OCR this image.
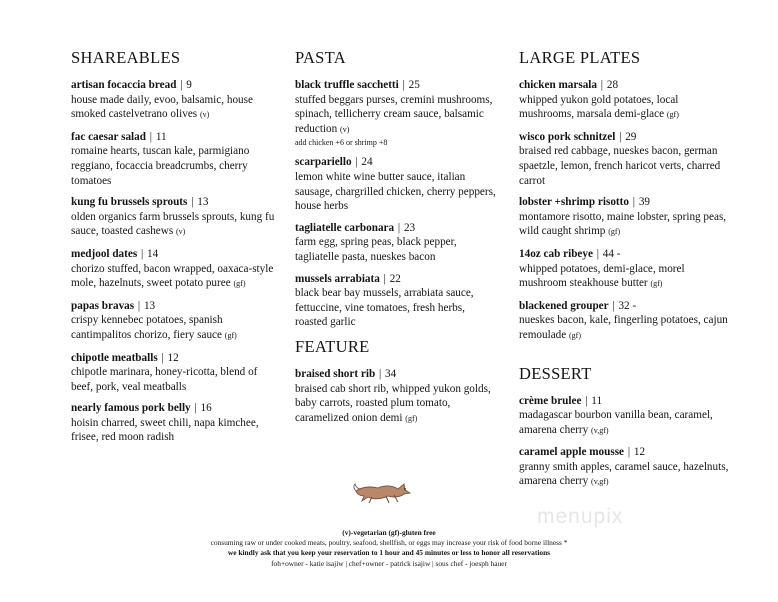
SHAREABLES
artisan focaccia bread | 9
house made daily, evoo, balsamic, house smoked castelvetrano olives (v)
fac caesar salad | 11
romaine hearts, tuscan kale, parmigiano reggiano, focaccia breadcrumbs, cherry tomatoes
kung fu brussels sprouts | 13
olden organics farm brussels sprouts, kung fu sauce, toasted cashews (v)
medjool dates | 14
chorizo stuffed, bacon wrapped, oaxaca-style mole, hazelnuts, sweet potato puree (gf)
papas bravas | 13
crispy kennebec potatoes, spanish cantimpalitos chorizo, fiery sauce (gf)
chipotle meatballs | 12
chipotle marinara, honey-ricotta, blend of beef, pork, veal meatballs
nearly famous pork belly | 16
hoisin charred, sweet chili, napa kimchee, frisee, red moon radish
PASTA
black truffle sacchetti | 25
stuffed beggars purses, cremini mushrooms, spinach, tellicherry cream sauce, balsamic reduction (v)
add chicken +6 or shrimp +8
scarpariello | 24
lemon white wine butter sauce, italian sausage, chargrilled chicken, cherry peppers, house herbs
tagliatelle carbonara | 23
farm egg, spring peas, black pepper, tagliatelle pasta, nueskes bacon
mussels arrabiata | 22
black bear bay mussels, arrabiata sauce, fettuccine, vine tomatoes, fresh herbs, roasted garlic
FEATURE
braised short rib | 34
braised cab short rib, whipped yukon golds, baby carrots, roasted plum tomato, caramelized onion demi (gf)
LARGE PLATES
chicken marsala | 28
whipped yukon gold potatoes, local mushrooms, marsala demi-glace (gf)
wisco pork schnitzel | 29
braised red cabbage, nueskes bacon, german spaetzle, lemon, french haricot verts, charred carrot
lobster +shrimp risotto | 39
montamore risotto, maine lobster, spring peas, wild caught shrimp (gf)
14oz cab ribeye | 44 -
whipped potatoes, demi-glace, morel mushroom steakhouse butter (gf)
blackened grouper | 32 -
nueskes bacon, kale, fingerling potatoes, cajun remoulade (gf)
DESSERT
crème brulee | 11
madagascar bourbon vanilla bean, caramel, amarena cherry (v,gf)
caramel apple mousse | 12
granny smith apples, caramel sauce, hazelnuts, amarena cherry (v,gf)
menupix
(v)-vegetarian (gf)-gluten free
consuming raw or under cooked meats, poultry, seafood, shellfish, or eggs may increase your risk of food borne illness *
we kindly ask that you keep your reservation to 1 hour and 45 minutes or less to honor all reservations
foh+owner - katie isajiw | chef+owner - patrick isajiw | sous chef - joesph hauer
